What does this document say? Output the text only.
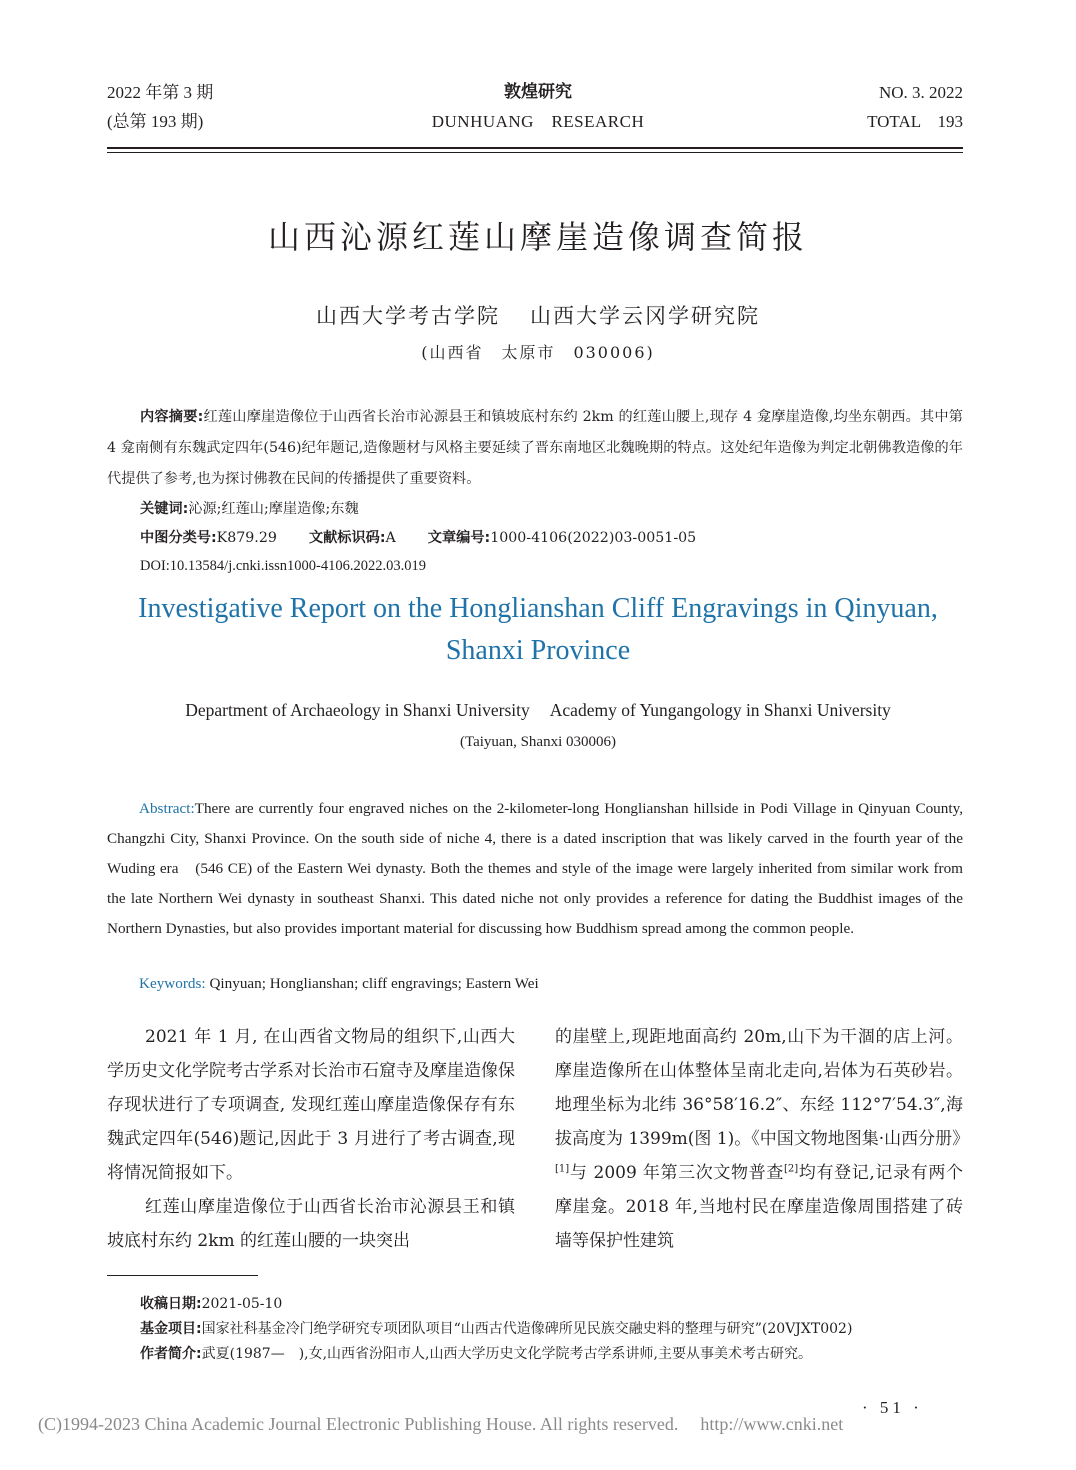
2022 年第 3 期
(总第 193 期)
敦煌研究
DUNHUANG　RESEARCH
NO. 3. 2022
TOTAL　193
山西沁源红莲山摩崖造像调查简报
山西大学考古学院 山西大学云冈学研究院
(山西省　太原市　030006)
内容摘要:红莲山摩崖造像位于山西省长治市沁源县王和镇坡底村东约 2km 的红莲山腰上,现存 4 龛摩崖造像,均坐东朝西。其中第 4 龛南侧有东魏武定四年(546)纪年题记,造像题材与风格主要延续了晋东南地区北魏晚期的特点。这处纪年造像为判定北朝佛教造像的年代提供了参考,也为探讨佛教在民间的传播提供了重要资料。
关键词:沁源;红莲山;摩崖造像;东魏
中图分类号:K879.29 文献标识码:A 文章编号:1000-4106(2022)03-0051-05
DOI:10.13584/j.cnki.issn1000-4106.2022.03.019
Investigative Report on the Honglianshan Cliff Engravings in Qinyuan,
Shanxi Province
Department of Archaeology in Shanxi University Academy of Yungangology in Shanxi University
(Taiyuan, Shanxi 030006)
Abstract:There are currently four engraved niches on the 2-kilometer-long Honglianshan hillside in Podi Village in Qinyuan County, Changzhi City, Shanxi Province. On the south side of niche 4, there is a dated inscription that was likely carved in the fourth year of the Wuding era　(546 CE) of the Eastern Wei dynasty. Both the themes and style of the image were largely inherited from similar work from the late Northern Wei dynasty in southeast Shanxi. This dated niche not only provides a reference for dating the Buddhist images of the Northern Dynasties, but also provides important material for discussing how Buddhism spread among the common people.
Keywords: Qinyuan; Honglianshan; cliff engravings; Eastern Wei

2021 年 1 月, 在山西省文物局的组织下,山西大学历史文化学院考古学系对长治市石窟寺及摩崖造像保存现状进行了专项调查, 发现红莲山摩崖造像保存有东魏武定四年(546)题记,因此于 3 月进行了考古调查,现将情况简报如下。

红莲山摩崖造像位于山西省长治市沁源县王和镇坡底村东约 2km 的红莲山腰的一块突出

的崖壁上,现距地面高约 20m,山下为干涸的店上河。摩崖造像所在山体整体呈南北走向,岩体为石英砂岩。地理坐标为北纬 36°58′16.2″、东经 112°7′54.3″,海拔高度为 1399m(图 1)。《中国文物地图集·山西分册》[1]与 2009 年第三次文物普查[2]均有登记,记录有两个摩崖龛。2018 年,当地村民在摩崖造像周围搭建了砖墙等保护性建筑

收稿日期:2021-05-10
基金项目:国家社科基金冷门绝学研究专项团队项目“山西古代造像碑所见民族交融史料的整理与研究”(20VJXT002)
作者简介:武夏(1987—　),女,山西省汾阳市人,山西大学历史文化学院考古学系讲师,主要从事美术考古研究。
· 51 ·
(C)1994-2023 China Academic Journal Electronic Publishing House. All rights reserved. http://www.cnki.net
